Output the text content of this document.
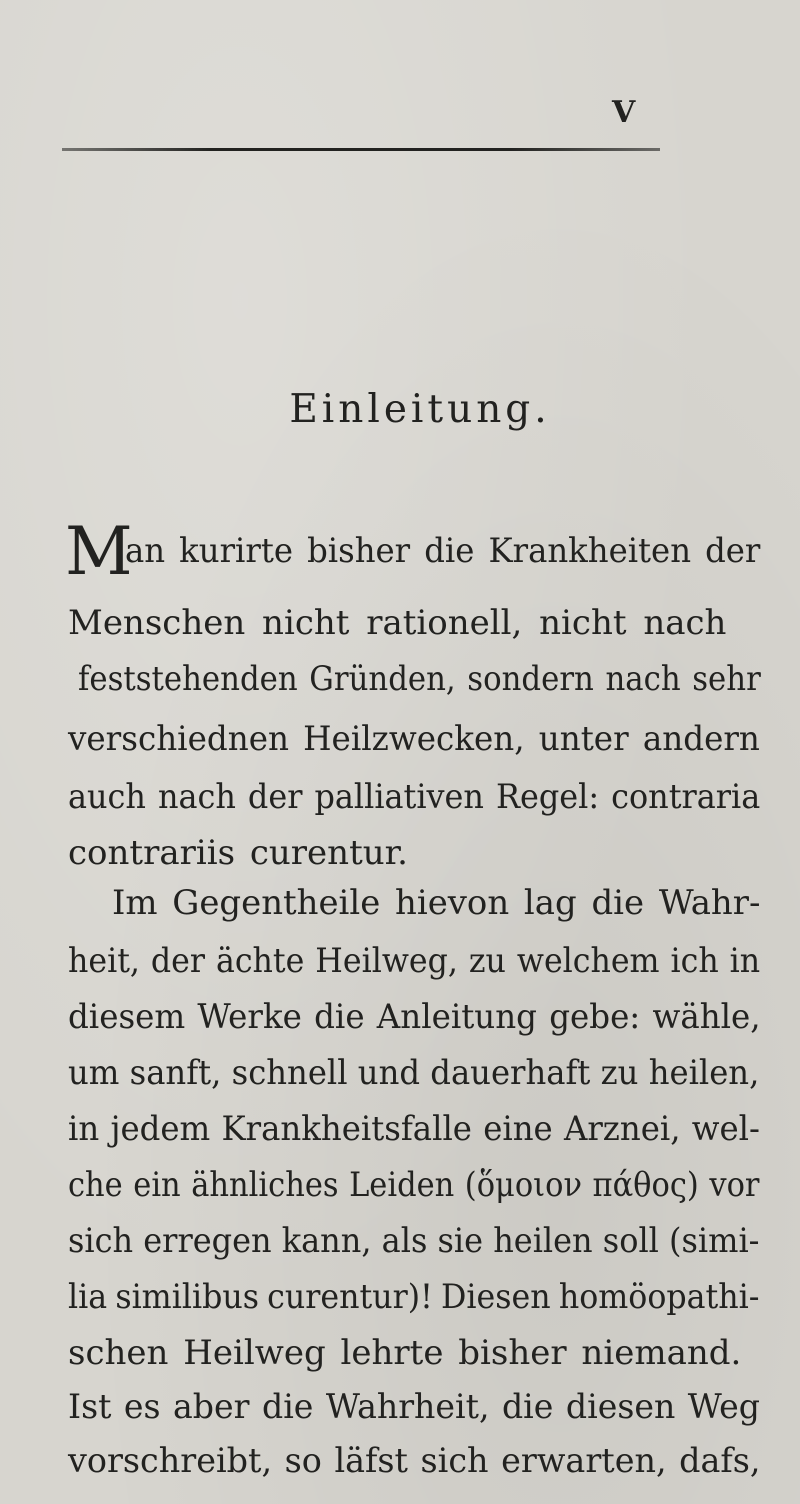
V
Einleitung.
M
an kurirte bisher die Krankheiten der
Menschen nicht rationell, nicht nach
feststehenden Gründen, sondern nach sehr
verschiednen Heilzwecken, unter andern
auch nach der palliativen Regel: contraria
contrariis curentur.
Im Gegentheile hievon lag die Wahr-
heit, der ächte Heilweg, zu welchem ich in
diesem Werke die Anleitung gebe: wähle,
um sanft, schnell und dauerhaft zu heilen,
in jedem Krankheitsfalle eine Arznei, wel-
che ein ähnliches Leiden (ὅμοιον πάθος) vor
sich erregen kann, als sie heilen soll (simi-
lia similibus curentur)! Diesen homöopathi-
schen Heilweg lehrte bisher niemand.
Ist es aber die Wahrheit, die diesen Weg
vorschreibt, so läfst sich erwarten, dafs,
